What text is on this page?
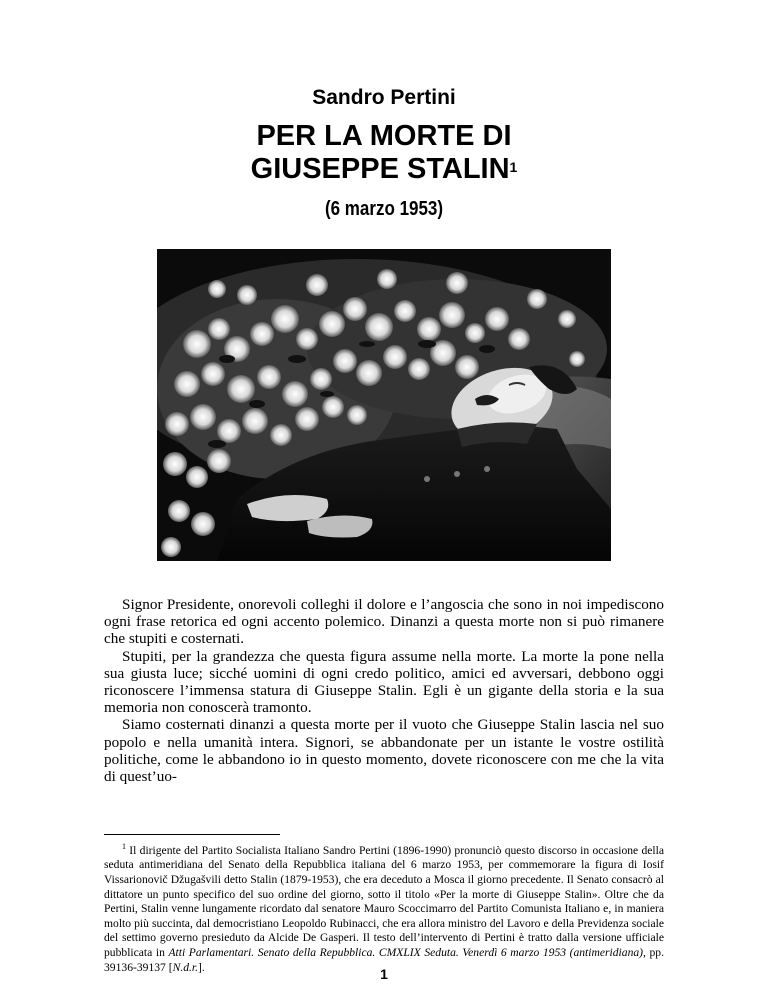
Sandro Pertini
PER LA MORTE DI
GIUSEPPE STALIN$^1$
(6 marzo 1953)

Signor Presidente, onorevoli colleghi il dolore e l’angoscia che sono in noi impediscono ogni frase retorica ed ogni accento polemico. Dinanzi a questa morte non si può rimanere che stupiti e costernati.

Stupiti, per la grandezza che questa figura assume nella morte. La morte la pone nella sua giusta luce; sicché uomini di ogni credo politico, amici ed avversari, debbono oggi riconoscere l’immensa statura di Giuseppe Stalin. Egli è un gigante della storia e la sua memoria non conoscerà tramonto.

Siamo costernati dinanzi a questa morte per il vuoto che Giuseppe Stalin lascia nel suo popolo e nella umanità intera. Signori, se abbandonate per un istante le vostre ostilità politiche, come le abbandono io in questo momento, dovete riconoscere con me che la vita di quest’uo-

$^1$ Il dirigente del Partito Socialista Italiano Sandro Pertini (1896-1990) pronunciò questo discorso in occasione della seduta antimeridiana del Senato della Repubblica italiana del 6 marzo 1953, per commemorare la figura di Iosif Vissarionovič Džugašvili detto Stalin (1879-1953), che era deceduto a Mosca il giorno precedente. Il Senato consacrò al dittatore un punto specifico del suo ordine del giorno, sotto il titolo «Per la morte di Giuseppe Stalin». Oltre che da Pertini, Stalin venne lungamente ricordato dal senatore Mauro Scoccimarro del Partito Comunista Italiano e, in maniera molto più succinta, dal democristiano Leopoldo Rubinacci, che era allora ministro del Lavoro e della Previdenza sociale del settimo governo presieduto da Alcide De Gasperi. Il testo dell’intervento di Pertini è tratto dalla versione ufficiale pubblicata in Atti Parlamentari. Senato della Repubblica. CMXLIX Seduta. Venerdì 6 marzo 1953 (antimeridiana), pp. 39136-39137 [N.d.r.].	1
